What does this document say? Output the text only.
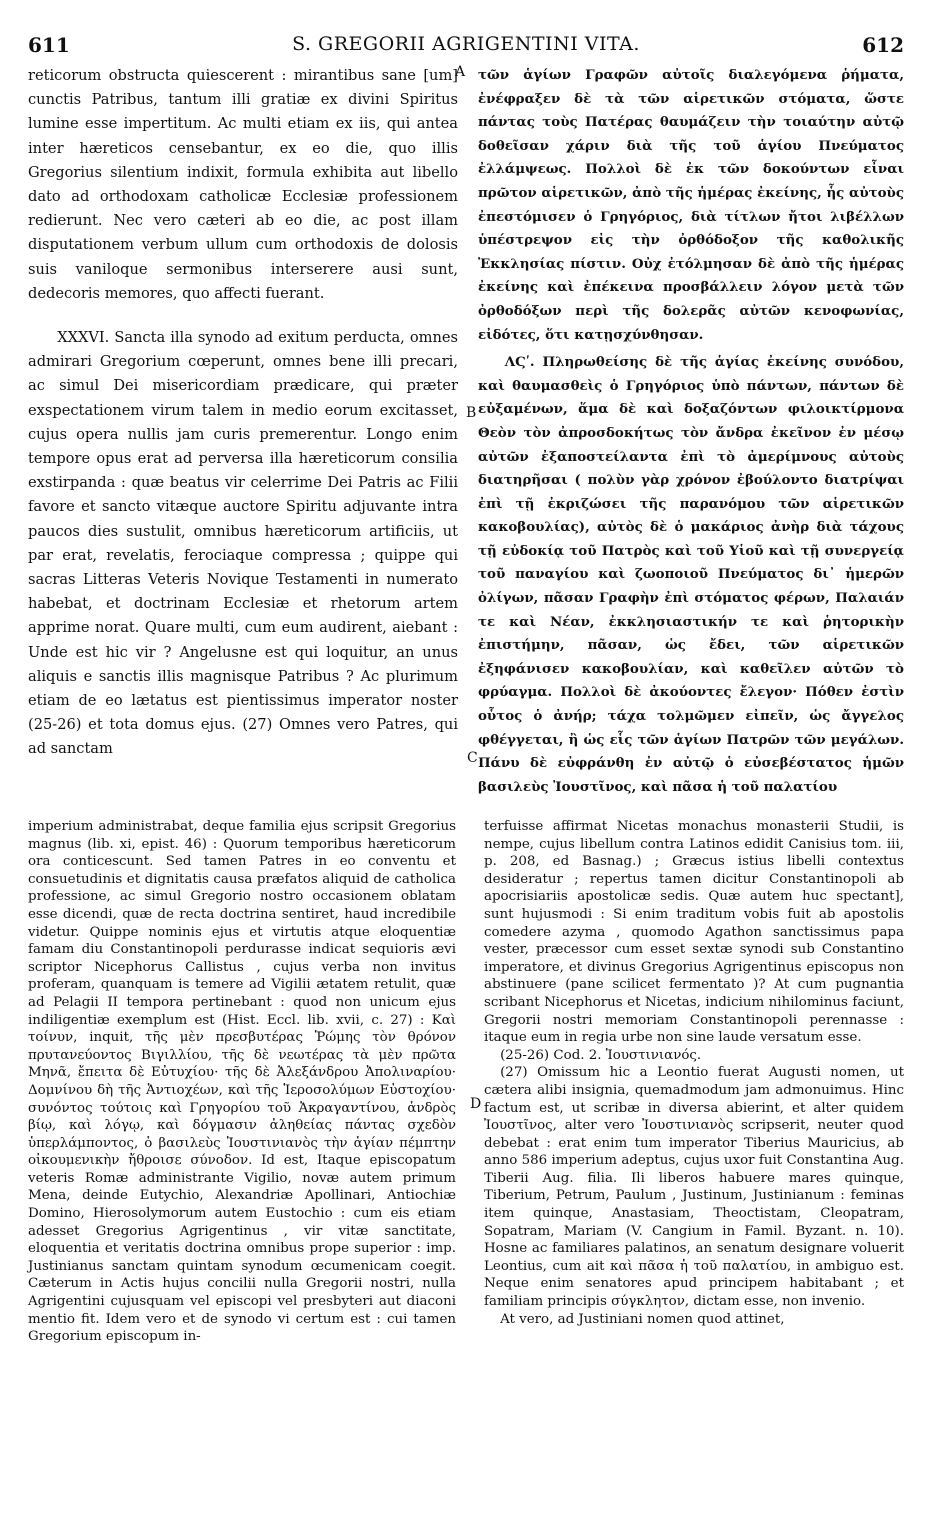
611	S. GREGORII AGRIGENTINI VITA.	612

reticorum obstructa quiescerent : mirantibus sane [um] cunctis Patribus, tantum illi gratiæ ex divini Spiritus lumine esse impertitum. Ac multi etiam ex iis, qui antea inter hæreticos censebantur, ex eo die, quo illis Gregorius silentium indixit, formula exhibita aut libello dato ad orthodoxam catholicæ Ecclesiæ professionem redierunt. Nec vero cæteri ab eo die, ac post illam disputationem verbum ullum cum orthodoxis de dolosis suis vaniloque sermonibus interserere ausi sunt, dedecoris memores, quo affecti fuerant.

XXXVI. Sancta illa synodo ad exitum perducta, omnes admirari Gregorium cœperunt, omnes bene illi precari, ac simul Dei misericordiam prædicare, qui præter exspectationem virum talem in medio eorum excitasset, cujus opera nullis jam curis premerentur. Longo enim tempore opus erat ad perversa illa hæreticorum consilia exstirpanda : quæ beatus vir celerrime Dei Patris ac Filii favore et sancto vitæque auctore Spiritu adjuvante intra paucos dies sustulit, omnibus hæreticorum artificiis, ut par erat, revelatis, ferociaque compressa ; quippe qui sacras Litteras Veteris Novique Testamenti in numerato habebat, et doctrinam Ecclesiæ et rhetorum artem apprime norat. Quare multi, cum eum audirent, aiebant : Unde est hic vir ? Angelusne est qui loquitur, an unus aliquis e sanctis illis magnisque Patribus ? Ac plurimum etiam de eo lætatus est pientissimus imperator noster (25-26) et tota domus ejus. (27) Omnes vero Patres, qui ad sanctam

τῶν ἁγίων Γραφῶν αὐτοῖς διαλεγόμενα ῥήματα, ἐνέφραξεν δὲ τὰ τῶν αἱρετικῶν στόματα, ὥστε πάντας τοὺς Πατέρας θαυμάζειν τὴν τοιαύτην αὐτῷ δοθεῖσαν χάριν διὰ τῆς τοῦ ἁγίου Πνεύματος ἐλλάμψεως. Πολλοὶ δὲ ἐκ τῶν δοκούντων εἶναι πρῶτον αἱρετικῶν, ἀπὸ τῆς ἡμέρας ἐκείνης, ἧς αὐτοὺς ἐπεστόμισεν ὁ Γρηγόριος, διὰ τίτλων ἤτοι λιβέλλων ὑπέστρεψον εἰς τὴν ὀρθόδοξον τῆς καθολικῆς Ἐκκλησίας πίστιν. Οὐχ ἐτόλμησαν δὲ ἀπὸ τῆς ἡμέρας ἐκείνης καὶ ἐπέκεινα προσβάλλειν λόγον μετὰ τῶν ὀρθοδόξων περὶ τῆς δολερᾶς αὐτῶν κενοφωνίας, εἰδότες, ὅτι κατῃσχύνθησαν.

ΛϚʹ. Πληρωθείσης δὲ τῆς ἁγίας ἐκείνης συνόδου, καὶ θαυμασθεὶς ὁ Γρηγόριος ὑπὸ πάντων, πάντων δὲ εὐξαμένων, ἅμα δὲ καὶ δοξαζόντων φιλοικτίρμονα Θεὸν τὸν ἀπροσδοκήτως τὸν ἄνδρα ἐκεῖνον ἐν μέσῳ αὐτῶν ἐξαποστείλαντα ἐπὶ τὸ ἀμερίμνους αὐτοὺς διατηρῆσαι ( πολὺν γὰρ χρόνον ἐβούλοντο διατρίψαι ἐπὶ τῇ ἐκριζώσει τῆς παρανόμου τῶν αἱρετικῶν κακοβουλίας), αὐτὸς δὲ ὁ μακάριος ἀνὴρ διὰ τάχους τῇ εὐδοκίᾳ τοῦ Πατρὸς καὶ τοῦ Υἱοῦ καὶ τῇ συνεργείᾳ τοῦ παναγίου καὶ ζωοποιοῦ Πνεύματος δι᾽ ἡμερῶν ὀλίγων, πᾶσαν Γραφὴν ἐπὶ στόματος φέρων, Παλαιάν τε καὶ Νέαν, ἐκκλησιαστικήν τε καὶ ῥητορικὴν ἐπιστήμην, πᾶσαν, ὡς ἔδει, τῶν αἱρετικῶν ἐξηφάνισεν κακοβουλίαν, καὶ καθεῖλεν αὐτῶν τὸ φρύαγμα. Πολλοὶ δὲ ἀκούοντες ἔλεγον· Πόθεν ἐστὶν οὗτος ὁ ἀνήρ; τάχα τολμῶμεν εἰπεῖν, ὡς ἄγγελος φθέγγεται, ἢ ὡς εἷς τῶν ἁγίων Πατρῶν τῶν μεγάλων. Πάνυ δὲ εὐφράνθη ἐν αὐτῷ ὁ εὐσεβέστατος ἡμῶν βασιλεὺς Ἰουστῖνος, καὶ πᾶσα ἡ τοῦ παλατίου

A
B
C
D

imperium administrabat, deque familia ejus scripsit Gregorius magnus (lib. xi, epist. 46) : Quorum temporibus hæreticorum ora conticescunt. Sed tamen Patres in eo conventu et consuetudinis et dignitatis causa præfatos aliquid de catholica professione, ac simul Gregorio nostro occasionem oblatam esse dicendi, quæ de recta doctrina sentiret, haud incredibile videtur. Quippe nominis ejus et virtutis atque eloquentiæ famam diu Constantinopoli perdurasse indicat sequioris ævi scriptor Nicephorus Callistus , cujus verba non invitus proferam, quanquam is temere ad Vigilii ætatem retulit, quæ ad Pelagii II tempora pertinebant : quod non unicum ejus indiligentiæ exemplum est (Hist. Eccl. lib. xvii, c. 27) : Καὶ τοίνυν, inquit, τῆς μὲν πρεσβυτέρας Ῥώμης τὸν θρόνον πρυτανεύοντος Βιγιλλίου, τῆς δὲ νεωτέρας τὰ μὲν πρῶτα Μηνᾶ, ἔπειτα δὲ Εὐτυχίου· τῆς δὲ Ἀλεξάνδρου Ἀπολιναρίου· Δομνίνου δὴ τῆς Ἀντιοχέων, καὶ τῆς Ἱεροσολύμων Εὐστοχίου· συνόντος τούτοις καὶ Γρηγορίου τοῦ Ἀκραγαντίνου, ἀνδρὸς βίῳ, καὶ λόγῳ, καὶ δόγμασιν ἀληθείας πάντας σχεδὸν ὑπερλάμποντος, ὁ βασιλεὺς Ἰουστινιανὸς τὴν ἁγίαν πέμπτην οἰκουμενικὴν ἤθροισε σύνοδον. Id est, Itaque episcopatum veteris Romæ administrante Vigilio, novæ autem primum Mena, deinde Eutychio, Alexandriæ Apollinari, Antiochiæ Domino, Hierosolymorum autem Eustochio : cum eis etiam adesset Gregorius Agrigentinus , vir vitæ sanctitate, eloquentia et veritatis doctrina omnibus prope superior : imp. Justinianus sanctam quintam synodum œcumenicam coegit. Cæterum in Actis hujus concilii nulla Gregorii nostri, nulla Agrigentini cujusquam vel episcopi vel presbyteri aut diaconi mentio fit. Idem vero et de synodo vi certum est : cui tamen Gregorium episcopum in-

terfuisse affirmat Nicetas monachus monasterii Studii, is nempe, cujus libellum contra Latinos edidit Canisius tom. iii, p. 208, ed Basnag.) ; Græcus istius libelli contextus desideratur ; repertus tamen dicitur Constantinopoli ab apocrisiariis apostolicæ sedis. Quæ autem huc spectant], sunt hujusmodi : Si enim traditum vobis fuit ab apostolis comedere azyma , quomodo Agathon sanctissimus papa vester, præcessor cum esset sextæ synodi sub Constantino imperatore, et divinus Gregorius Agrigentinus episcopus non abstinuere (pane scilicet fermentato )? At cum pugnantia scribant Nicephorus et Nicetas, indicium nihilominus faciunt, Gregorii nostri memoriam Constantinopoli perennasse : itaque eum in regia urbe non sine laude versatum esse.

(25-26) Cod. 2. Ἰουστινιανός.

(27) Omissum hic a Leontio fuerat Augusti nomen, ut cætera alibi insignia, quemadmodum jam admonuimus. Hinc factum est, ut scribæ in diversa abierint, et alter quidem Ἰουστῖνος, alter vero Ἰουστινιανὸς scripserit, neuter quod debebat : erat enim tum imperator Tiberius Mauricius, ab anno 586 imperium adeptus, cujus uxor fuit Constantina Aug. Tiberii Aug. filia. Ili liberos habuere mares quinque, Tiberium, Petrum, Paulum , Justinum, Justinianum : feminas item quinque, Anastasiam, Theoctistam, Cleopatram, Sopatram, Mariam (V. Cangium in Famil. Byzant. n. 10). Hosne ac familiares palatinos, an senatum designare voluerit Leontius, cum ait καὶ πᾶσα ἡ τοῦ παλατίου, in ambiguo est. Neque enim senatores apud principem habitabant ; et familiam principis σύγκλητον, dictam esse, non invenio.

At vero, ad Justiniani nomen quod attinet,
